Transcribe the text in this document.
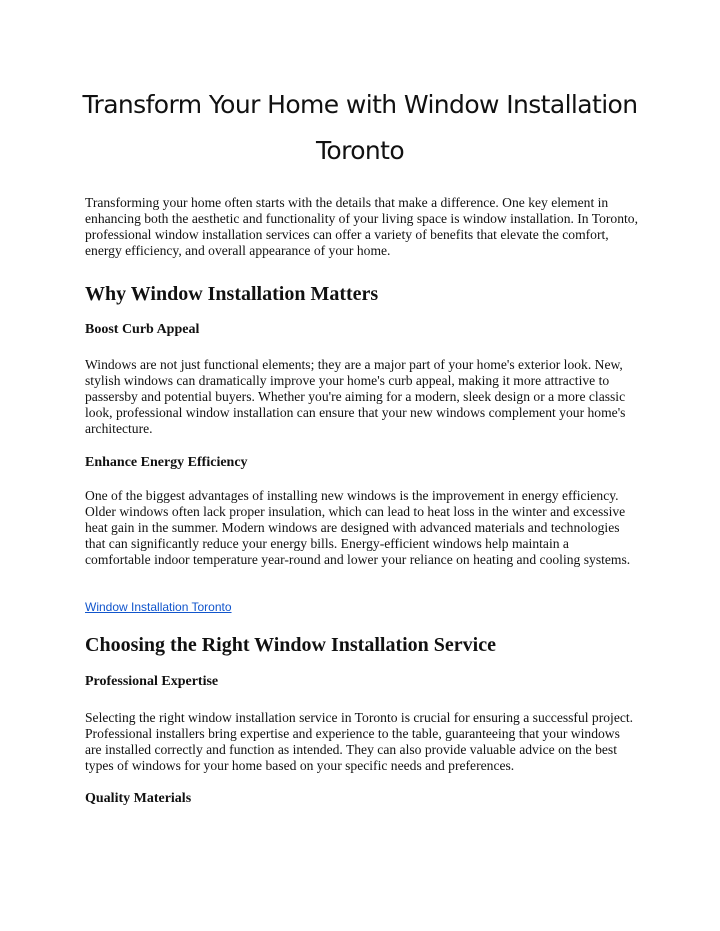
Transform Your Home with Window Installation Toronto

Transforming your home often starts with the details that make a difference. One key element in enhancing both the aesthetic and functionality of your living space is window installation. In Toronto, professional window installation services can offer a variety of benefits that elevate the comfort, energy efficiency, and overall appearance of your home.

Why Window Installation Matters
Boost Curb Appeal

Windows are not just functional elements; they are a major part of your home's exterior look. New, stylish windows can dramatically improve your home's curb appeal, making it more attractive to passersby and potential buyers. Whether you're aiming for a modern, sleek design or a more classic look, professional window installation can ensure that your new windows complement your home's architecture.

Enhance Energy Efficiency

One of the biggest advantages of installing new windows is the improvement in energy efficiency. Older windows often lack proper insulation, which can lead to heat loss in the winter and excessive heat gain in the summer. Modern windows are designed with advanced materials and technologies that can significantly reduce your energy bills. Energy-efficient windows help maintain a comfortable indoor temperature year-round and lower your reliance on heating and cooling systems.

Window Installation Toronto
Choosing the Right Window Installation Service
Professional Expertise

Selecting the right window installation service in Toronto is crucial for ensuring a successful project. Professional installers bring expertise and experience to the table, guaranteeing that your windows are installed correctly and function as intended. They can also provide valuable advice on the best types of windows for your home based on your specific needs and preferences.

Quality Materials
